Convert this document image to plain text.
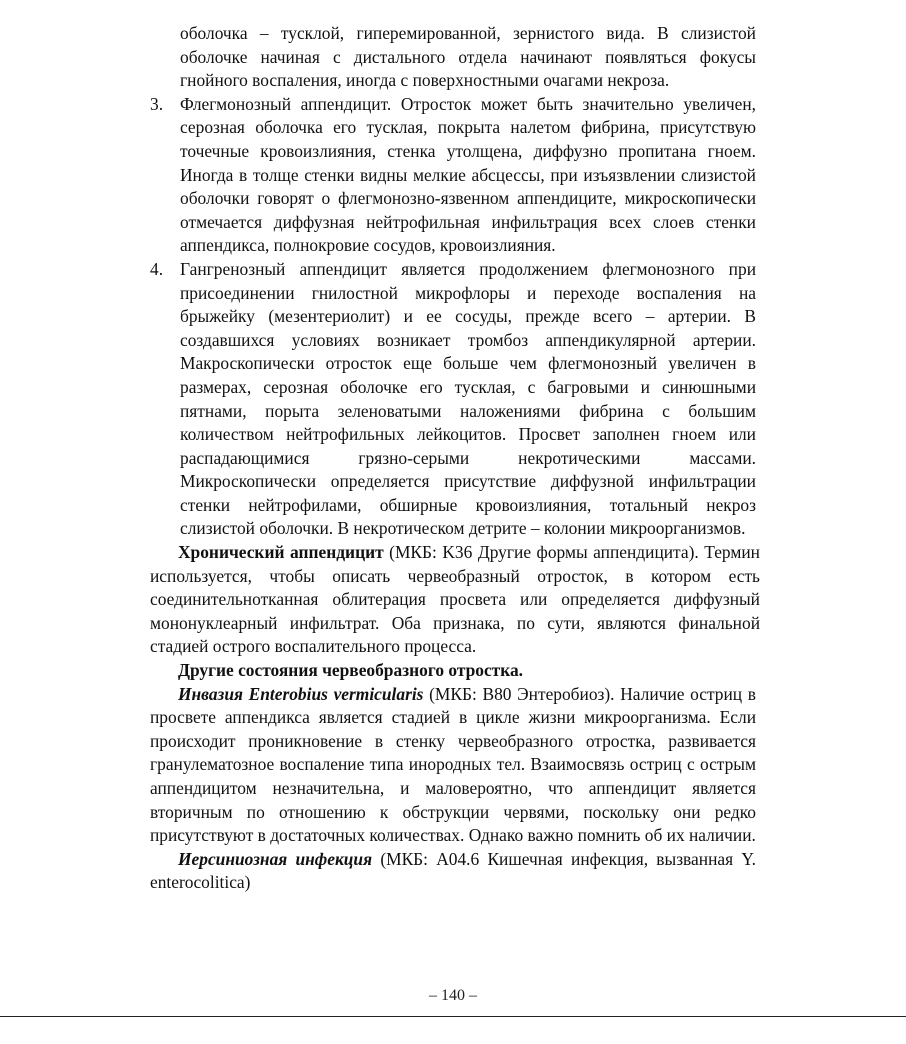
оболочка – тусклой, гиперемированной, зернистого вида. В слизистой оболочке начиная с дистального отдела начинают появляться фокусы гнойного воспаления, иногда с поверхностными очагами некроза.

3. Флегмонозный аппендицит. Отросток может быть значительно увеличен, серозная оболочка его тусклая, покрыта налетом фибрина, присутствую точечные кровоизлияния, стенка утолщена, диффузно пропитана гноем. Иногда в толще стенки видны мелкие абсцессы, при изъязвлении слизистой оболочки говорят о флегмонозно-язвенном аппендиците, микроскопически отмечается диффузная нейтрофильная инфильтрация всех слоев стенки аппендикса, полнокровие сосудов, кровоизлияния.

4. Гангренозный аппендицит является продолжением флегмонозного при присоединении гнилостной микрофлоры и переходе воспаления на брыжейку (мезентериолит) и ее сосуды, прежде всего – артерии. В создавшихся условиях возникает тромбоз аппендикулярной артерии. Макроскопически отросток еще больше чем флегмонозный увеличен в размерах, серозная оболочке его тусклая, с багровыми и синюшными пятнами, порыта зеленоватыми наложениями фибрина с большим количеством нейтрофильных лейкоцитов. Просвет заполнен гноем или распадающимися грязно-серыми некротическими массами. Микроскопически определяется присутствие диффузной инфильтрации стенки нейтрофилами, обширные кровоизлияния, тотальный некроз слизистой оболочки. В некротическом детрите – колонии микроорганизмов.

Хронический аппендицит (МКБ: K36 Другие формы аппендицита). Термин используется, чтобы описать червеобразный отросток, в котором есть соединительнотканная облитерация просвета или определяется диффузный мононуклеарный инфильтрат. Оба признака, по сути, являются финальной стадией острого воспалительного процесса.

Другие состояния червеобразного отростка.

Инвазия Enterobius vermicularis (МКБ: B80 Энтеробиоз). Наличие остриц в просвете аппендикса является стадией в цикле жизни микроорганизма. Если происходит проникновение в стенку червеобразного отростка, развивается гранулематозное воспаление типа инородных тел. Взаимосвязь остриц с острым аппендицитом незначительна, и маловероятно, что аппендицит является вторичным по отношению к обструкции червями, поскольку они редко присутствуют в достаточных количествах. Однако важно помнить об их наличии.

Иерсиниозная инфекция (МКБ: A04.6 Кишечная инфекция, вызванная Y. enterocolitica)

– 140 –
